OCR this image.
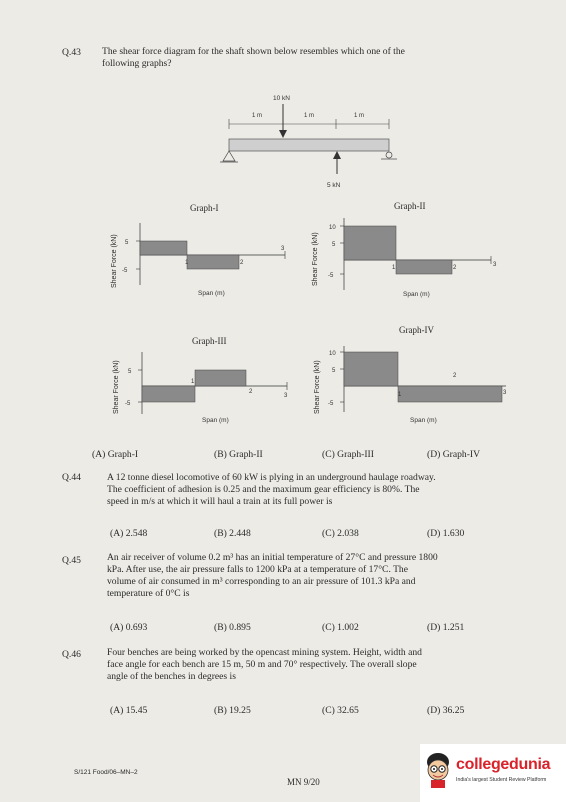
Q.43 The shear force diagram for the shaft shown below resembles which one of the
following graphs?
10 kN
1 m	1 m	1 m
5 kN
Graph-I	Graph-II
Graph-III
Graph-IV
Shear Force (kN)	Shear Force (kN)
Shear Force (kN)	Shear Force (kN)
5
-5
1	2
3
Span (m)
10
5
-5
1	2	3
Span (m)
5
-5
1
2
3
Span (m)
10
5
-5
1
2
3
Span (m)
(A) Graph-I	(B) Graph-II	(C) Graph-III	(D) Graph-IV
Q.44	A 12 tonne diesel locomotive of 60 kW is plying in an underground haulage roadway.
The coefficient of adhesion is 0.25 and the maximum gear efficiency is 80%. The
speed in m/s at which it will haul a train at its full power is
(A) 2.548	(B) 2.448	(C) 2.038	(D) 1.630
Q.45	An air receiver of volume 0.2 m³ has an initial temperature of 27°C and pressure 1800
kPa. After use, the air pressure falls to 1200 kPa at a temperature of 17°C. The
volume of air consumed in m³ corresponding to an air pressure of 101.3 kPa and
temperature of 0°C is
(A) 0.693	(B) 0.895	(C) 1.002	(D) 1.251
Q.46	Four benches are being worked by the opencast mining system. Height, width and
face angle for each bench are 15 m, 50 m and 70° respectively. The overall slope
angle of the benches in degrees is
(A) 15.45	(B) 19.25	(C) 32.65	(D) 36.25
S/121 Food/06–MN–2
MN 9/20
collegedunia
India's largest Student Review Platform
